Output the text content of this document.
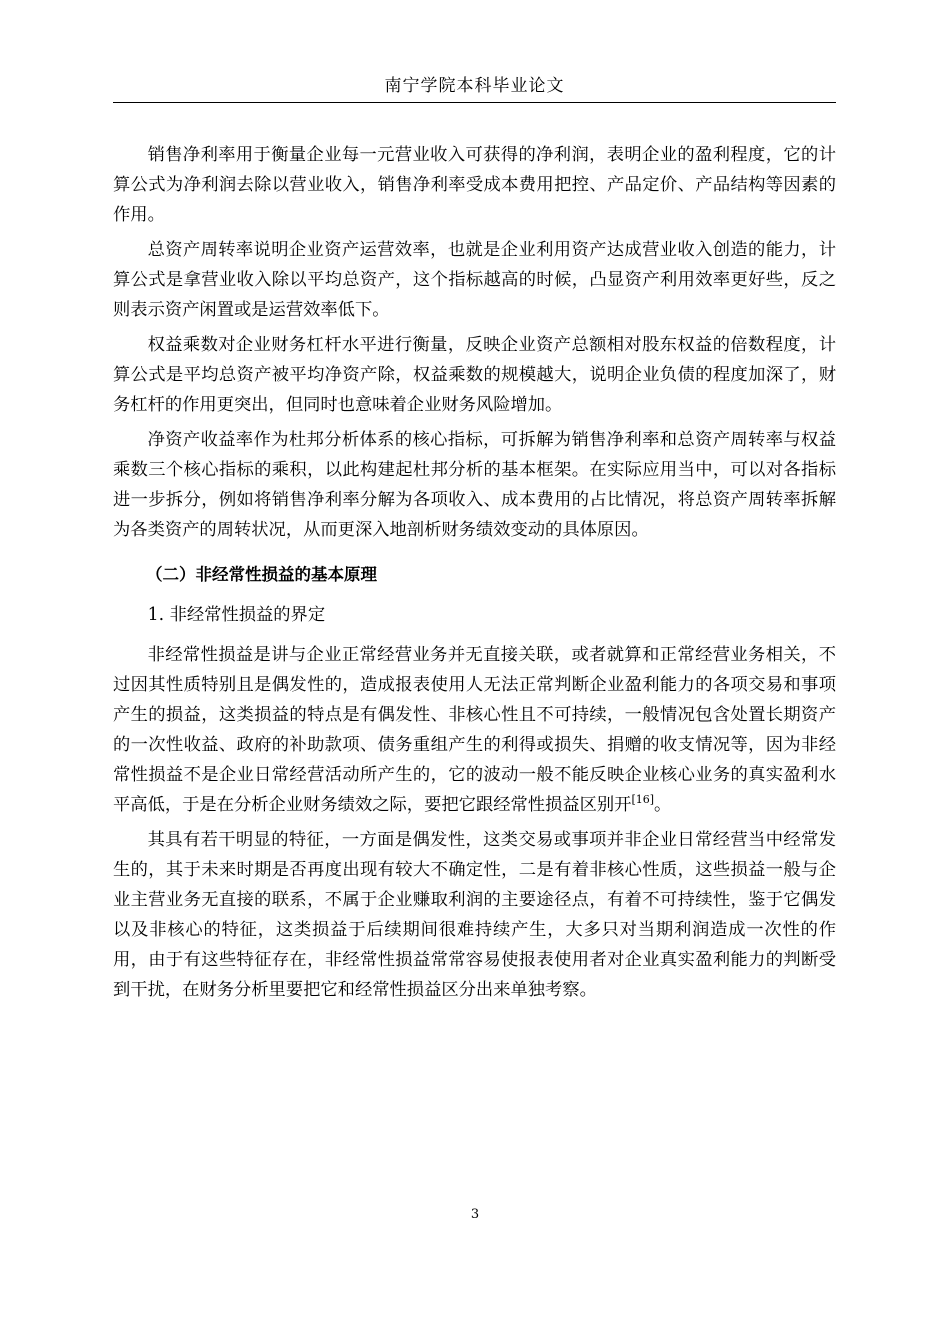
南宁学院本科毕业论文

销售净利率用于衡量企业每一元营业收入可获得的净利润，表明企业的盈利程度，它的计算公式为净利润去除以营业收入，销售净利率受成本费用把控、产品定价、产品结构等因素的作用。

总资产周转率说明企业资产运营效率，也就是企业利用资产达成营业收入创造的能力，计算公式是拿营业收入除以平均总资产，这个指标越高的时候，凸显资产利用效率更好些，反之则表示资产闲置或是运营效率低下。

权益乘数对企业财务杠杆水平进行衡量，反映企业资产总额相对股东权益的倍数程度，计算公式是平均总资产被平均净资产除，权益乘数的规模越大，说明企业负债的程度加深了，财务杠杆的作用更突出，但同时也意味着企业财务风险增加。

净资产收益率作为杜邦分析体系的核心指标，可拆解为销售净利率和总资产周转率与权益乘数三个核心指标的乘积，以此构建起杜邦分析的基本框架。在实际应用当中，可以对各指标进一步拆分，例如将销售净利率分解为各项收入、成本费用的占比情况，将总资产周转率拆解为各类资产的周转状况，从而更深入地剖析财务绩效变动的具体原因。

（二）非经常性损益的基本原理
1. 非经常性损益的界定

非经常性损益是讲与企业正常经营业务并无直接关联，或者就算和正常经营业务相关，不过因其性质特别且是偶发性的，造成报表使用人无法正常判断企业盈利能力的各项交易和事项产生的损益，这类损益的特点是有偶发性、非核心性且不可持续，一般情况包含处置长期资产的一次性收益、政府的补助款项、债务重组产生的利得或损失、捐赠的收支情况等，因为非经常性损益不是企业日常经营活动所产生的，它的波动一般不能反映企业核心业务的真实盈利水平高低，于是在分析企业财务绩效之际，要把它跟经常性损益区别开[16]。

其具有若干明显的特征，一方面是偶发性，这类交易或事项并非企业日常经营当中经常发生的，其于未来时期是否再度出现有较大不确定性，二是有着非核心性质，这些损益一般与企业主营业务无直接的联系，不属于企业赚取利润的主要途径点，有着不可持续性，鉴于它偶发以及非核心的特征，这类损益于后续期间很难持续产生，大多只对当期利润造成一次性的作用，由于有这些特征存在，非经常性损益常常容易使报表使用者对企业真实盈利能力的判断受到干扰，在财务分析里要把它和经常性损益区分出来单独考察。

3
